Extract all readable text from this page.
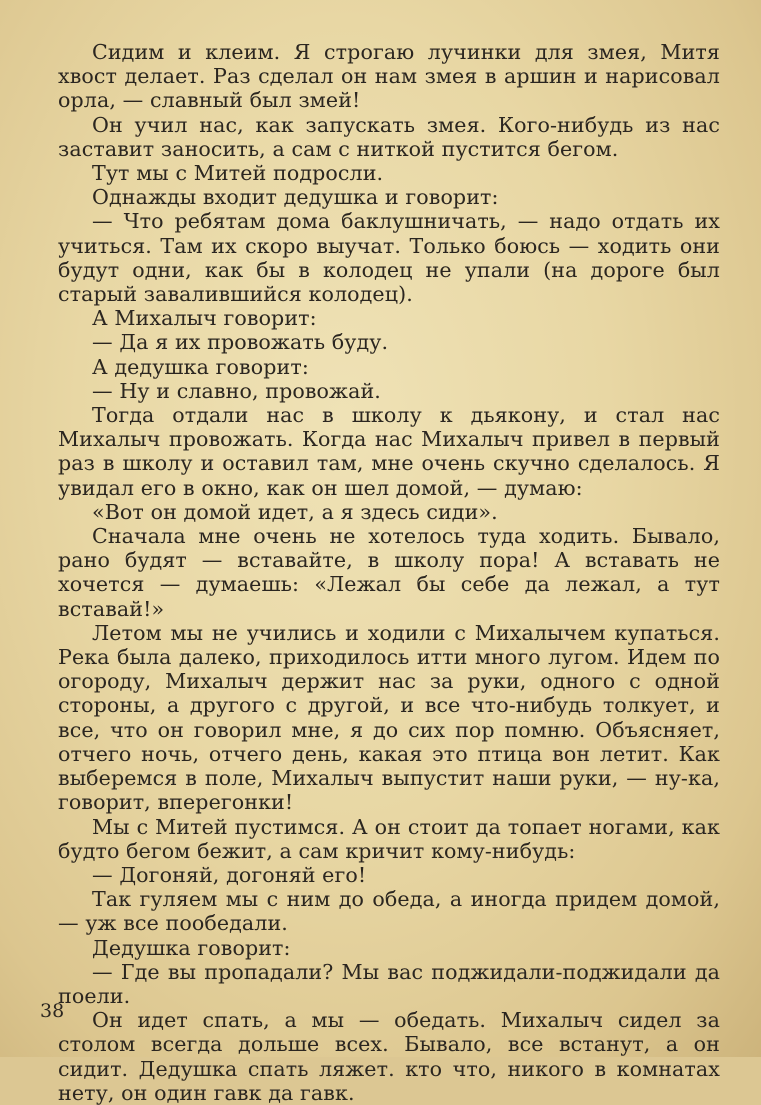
Сидим и клеим. Я строгаю лучинки для змея, Митя хвост делает. Раз сделал он нам змея в аршин и нарисовал орла, — славный был змей!

Он учил нас, как запускать змея. Кого-нибудь из нас заставит заносить, а сам с ниткой пустится бегом.

Тут мы с Митей подросли.

Однажды входит дедушка и говорит:

— Что ребятам дома баклушничать, — надо отдать их учиться. Там их скоро выучат. Только боюсь — ходить они будут одни, как бы в колодец не упали (на дороге был старый завалившийся колодец).

А Михалыч говорит:

— Да я их провожать буду.

А дедушка говорит:

— Ну и славно, провожай.

Тогда отдали нас в школу к дьякону, и стал нас Михалыч провожать. Когда нас Михалыч привел в первый раз в школу и оставил там, мне очень скучно сделалось. Я увидал его в окно, как он шел домой, — думаю:

«Вот он домой идет, а я здесь сиди».

Сначала мне очень не хотелось туда ходить. Бывало, рано будят — вставайте, в школу пора! А вставать не хочется — думаешь: «Лежал бы себе да лежал, а тут вставай!»

Летом мы не учились и ходили с Михалычем купаться. Река была далеко, приходилось итти много лугом. Идем по огороду, Михалыч держит нас за руки, одного с одной стороны, а другого с другой, и все что-нибудь толкует, и все, что он говорил мне, я до сих пор помню. Объясняет, отчего ночь, отчего день, какая это птица вон летит. Как выберемся в поле, Михалыч выпустит наши руки, — ну-ка, говорит, вперегонки!

Мы с Митей пустимся. А он стоит да топает ногами, как будто бегом бежит, а сам кричит кому-нибудь:

— Догоняй, догоняй его!

Так гуляем мы с ним до обеда, а иногда придем домой, — уж все пообедали.

Дедушка говорит:

— Где вы пропадали? Мы вас поджидали-поджидали да поели.

Он идет спать, а мы — обедать. Михалыч сидел за столом всегда дольше всех. Бывало, все встанут, а он сидит. Дедушка спать ляжет. кто что, никого в комнатах нету, он один гавк да гавк.

38
